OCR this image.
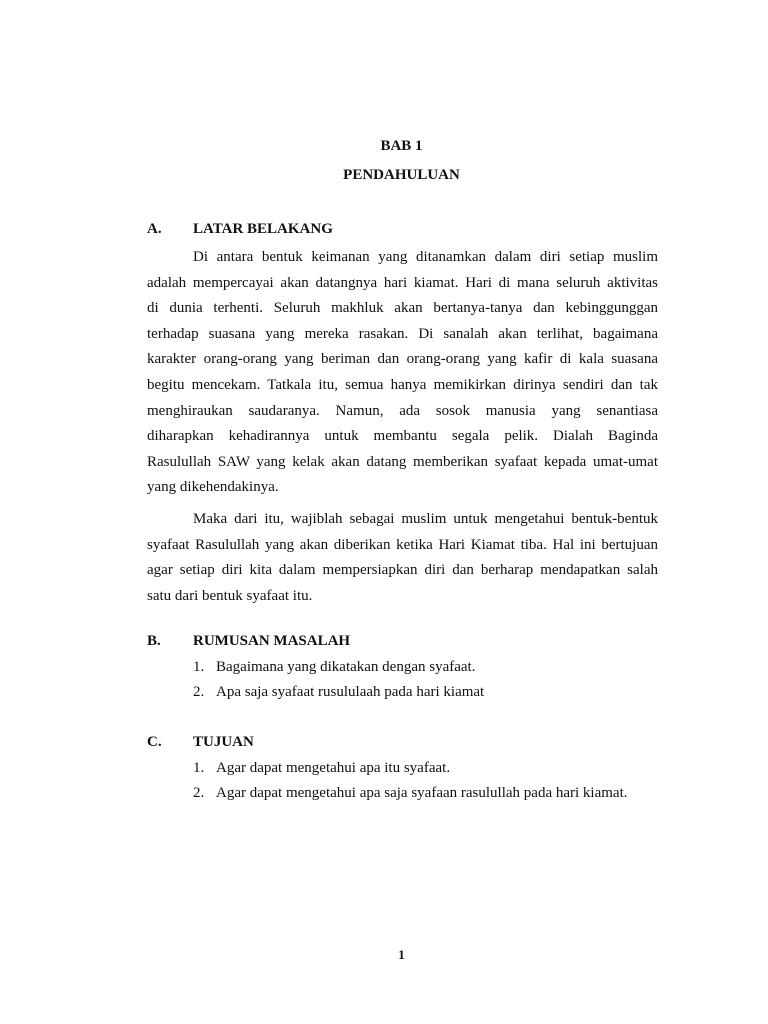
BAB 1
PENDAHULUAN
A. LATAR BELAKANG
Di antara bentuk keimanan yang ditanamkan dalam diri setiap muslim
adalah mempercayai akan datangnya hari kiamat. Hari di mana seluruh aktivitas
di dunia terhenti. Seluruh makhluk akan bertanya-tanya dan kebinggunggan
terhadap suasana yang mereka rasakan. Di sanalah akan terlihat, bagaimana
karakter orang-orang yang beriman dan orang-orang yang kafir di kala suasana
begitu mencekam. Tatkala itu, semua hanya memikirkan dirinya sendiri dan tak
menghiraukan saudaranya. Namun, ada sosok manusia yang senantiasa
diharapkan kehadirannya untuk membantu segala pelik. Dialah Baginda
Rasulullah SAW yang kelak akan datang memberikan syafaat kepada umat-umat
yang dikehendakinya.
Maka dari itu, wajiblah sebagai muslim untuk mengetahui bentuk-bentuk
syafaat Rasulullah yang akan diberikan ketika Hari Kiamat tiba. Hal ini bertujuan
agar setiap diri kita dalam mempersiapkan diri dan berharap mendapatkan salah
satu dari bentuk syafaat itu.
B. RUMUSAN MASALAH
1. Bagaimana yang dikatakan dengan syafaat.
2. Apa saja syafaat rusululaah pada hari kiamat
C. TUJUAN
1. Agar dapat mengetahui apa itu syafaat.
2. Agar dapat mengetahui apa saja syafaan rasulullah pada hari kiamat.
1
